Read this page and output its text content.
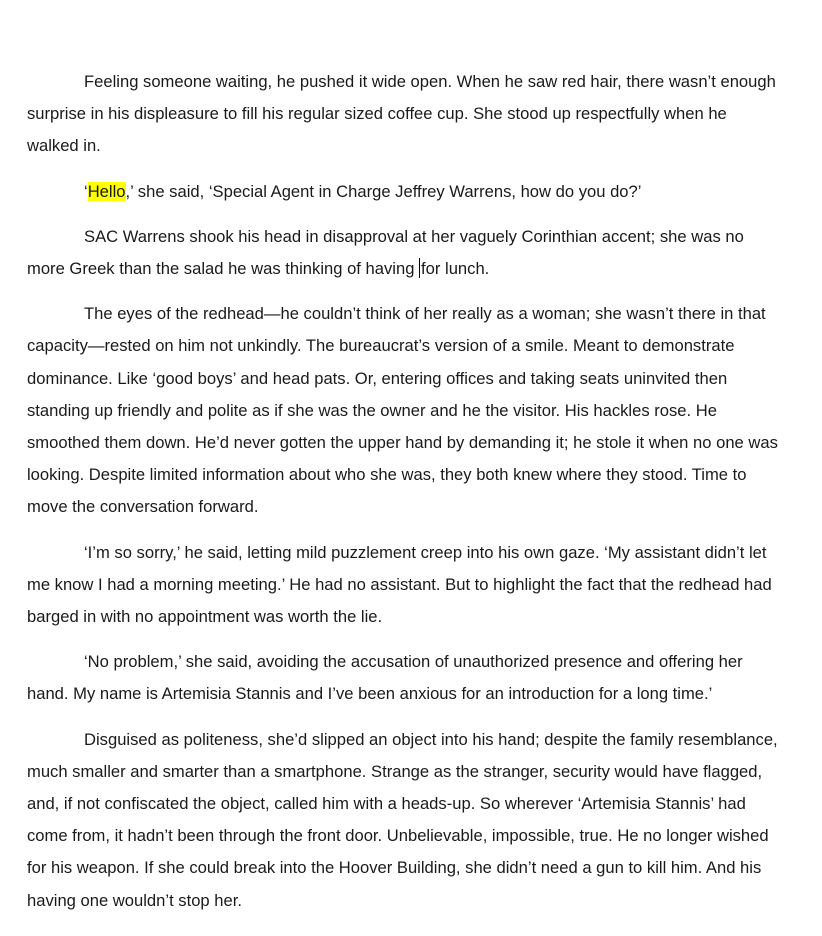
Feeling someone waiting, he pushed it wide open. When he saw red hair, there wasn’t enough surprise in his displeasure to fill his regular sized coffee cup. She stood up respectfully when he walked in.

‘Hello,’ she said, ‘Special Agent in Charge Jeffrey Warrens, how do you do?’

SAC Warrens shook his head in disapproval at her vaguely Corinthian accent; she was no more Greek than the salad he was thinking of having for lunch.

The eyes of the redhead—he couldn’t think of her really as a woman; she wasn’t there in that capacity—rested on him not unkindly. The bureaucrat’s version of a smile. Meant to demonstrate dominance. Like ‘good boys’ and head pats. Or, entering offices and taking seats uninvited then standing up friendly and polite as if she was the owner and he the visitor. His hackles rose. He smoothed them down. He’d never gotten the upper hand by demanding it; he stole it when no one was looking. Despite limited information about who she was, they both knew where they stood. Time to move the conversation forward.

‘I’m so sorry,’ he said, letting mild puzzlement creep into his own gaze. ‘My assistant didn’t let me know I had a morning meeting.’ He had no assistant. But to highlight the fact that the redhead had barged in with no appointment was worth the lie.

‘No problem,’ she said, avoiding the accusation of unauthorized presence and offering her hand. My name is Artemisia Stannis and I’ve been anxious for an introduction for a long time.’

Disguised as politeness, she’d slipped an object into his hand; despite the family resemblance, much smaller and smarter than a smartphone. Strange as the stranger, security would have flagged, and, if not confiscated the object, called him with a heads-up. So wherever ‘Artemisia Stannis’ had come from, it hadn’t been through the front door. Unbelievable, impossible, true. He no longer wished for his weapon. If she could break into the Hoover Building, she didn’t need a gun to kill him. And his having one wouldn’t stop her.
